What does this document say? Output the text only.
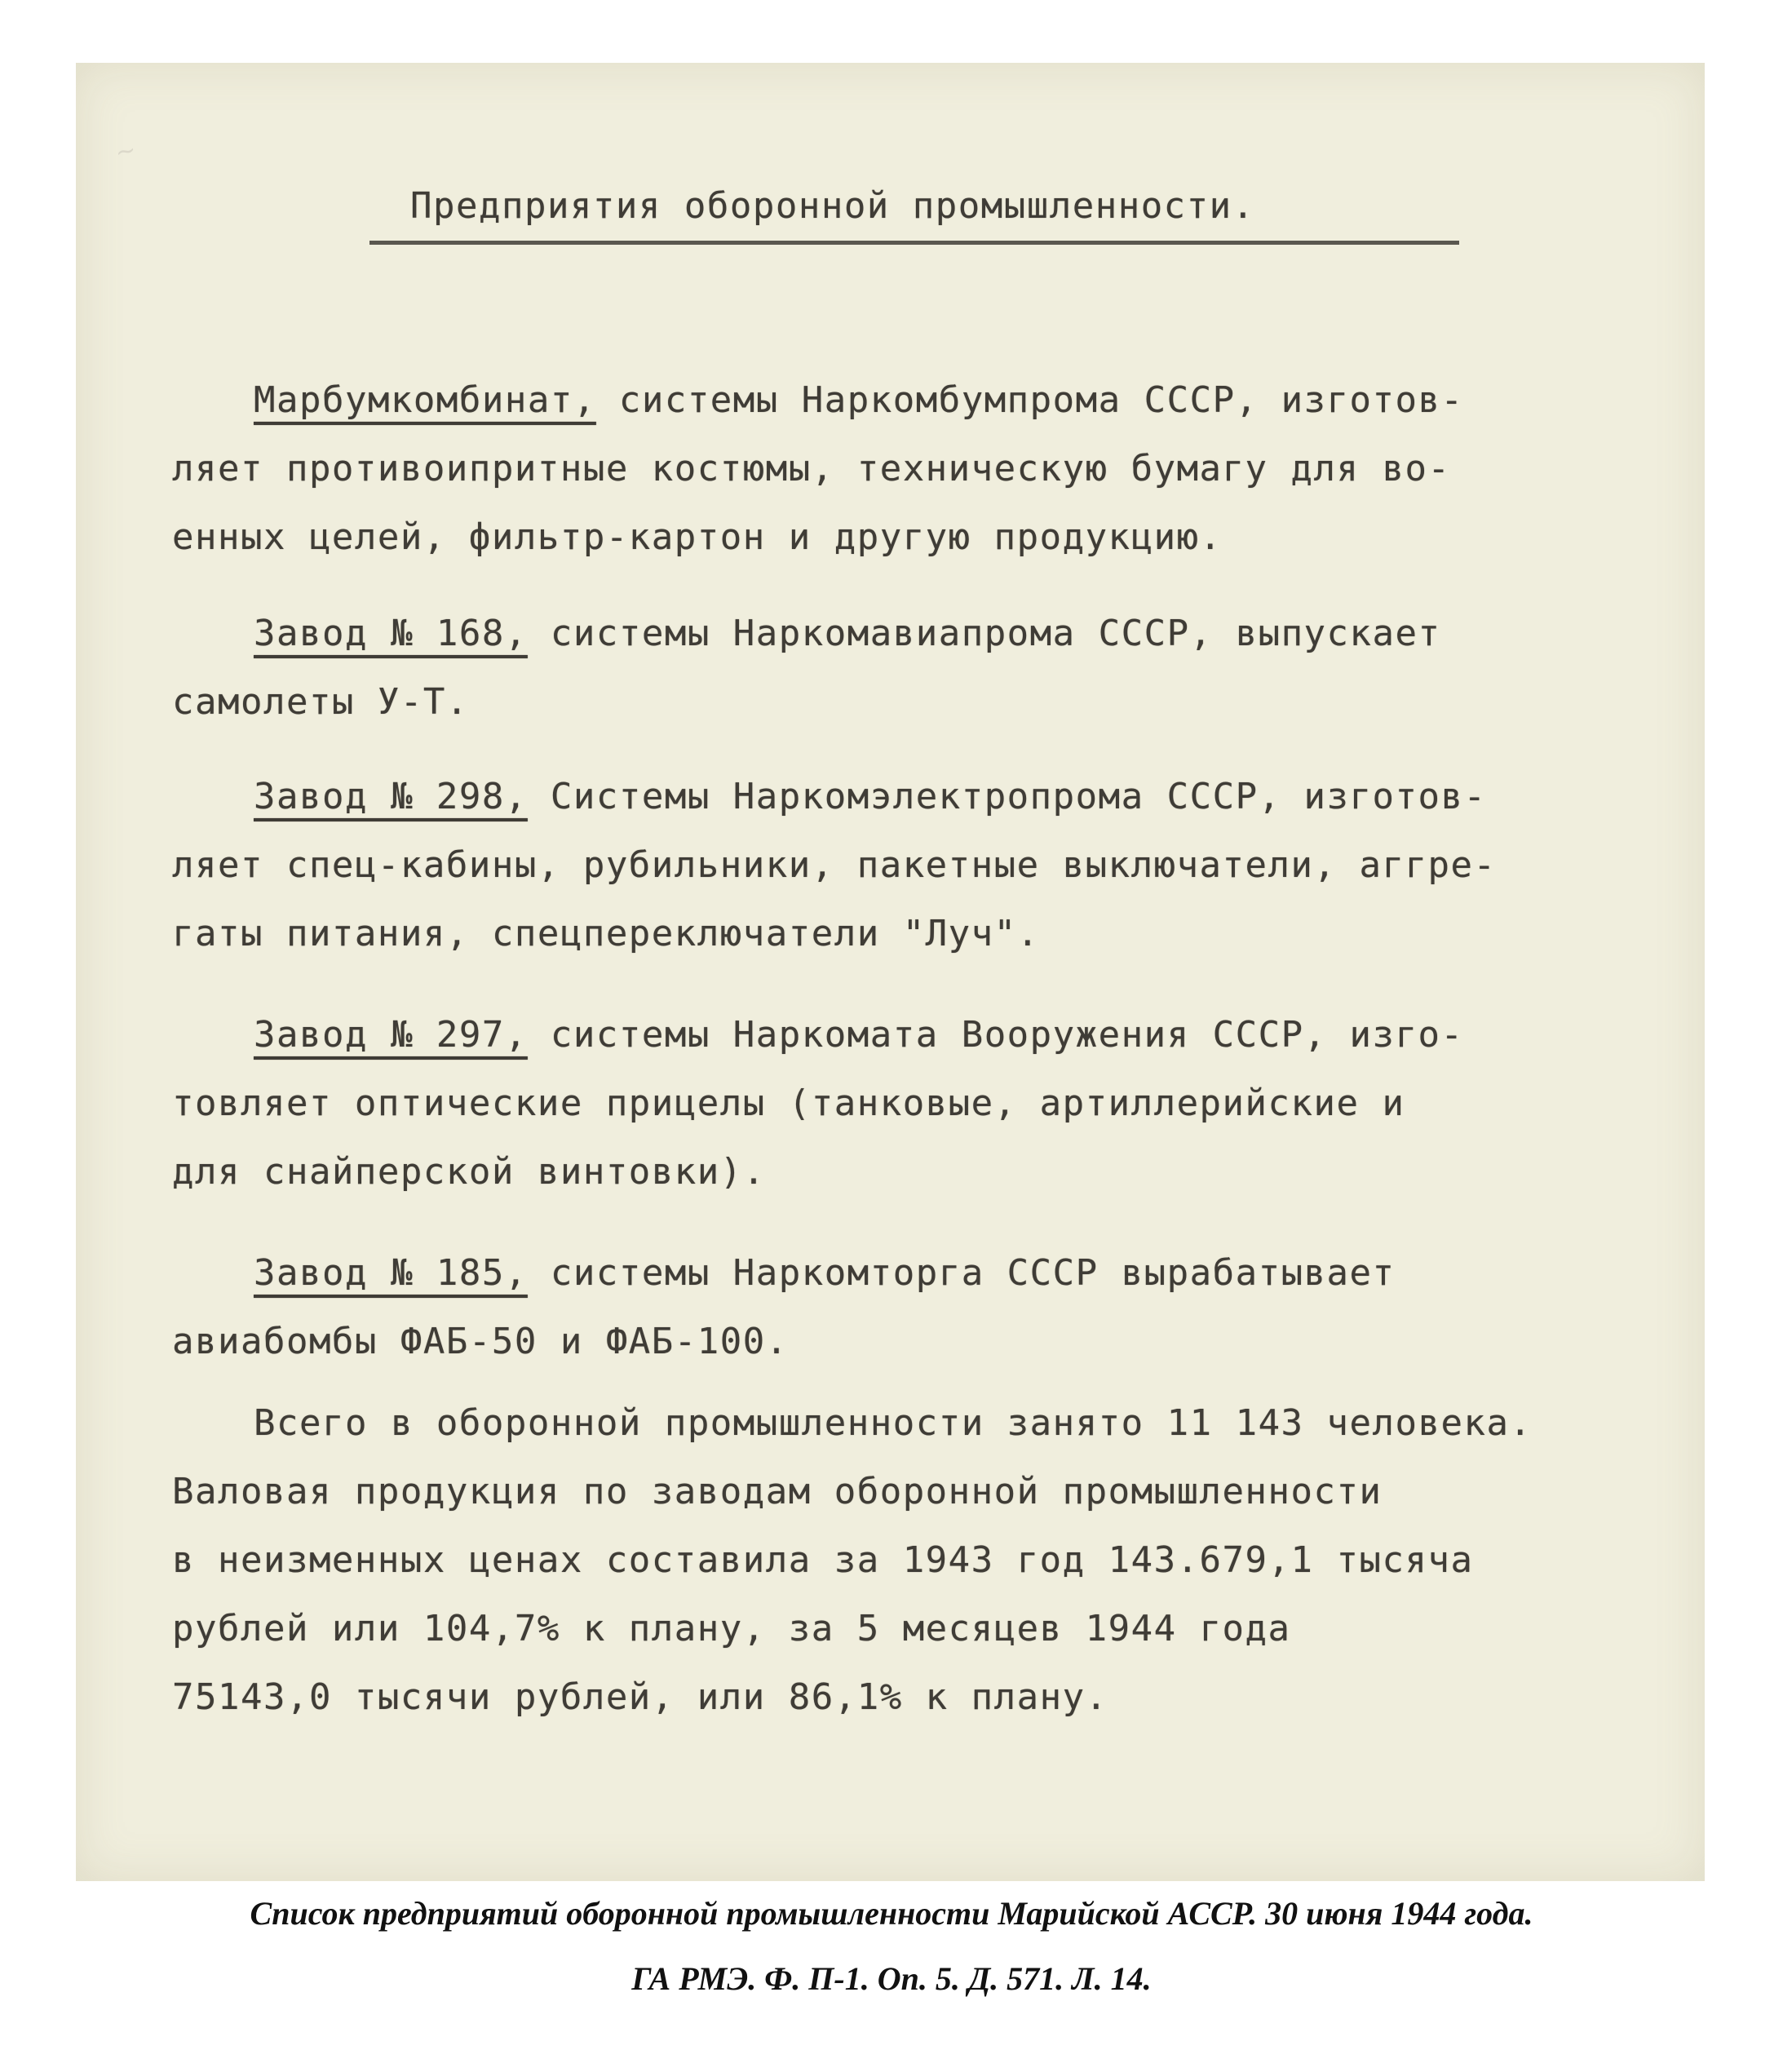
~
Предприятия оборонной промышленности.
Марбумкомбинат, системы Наркомбумпрома СССР, изготов-
ляет противоипритные костюмы, техническую бумагу для во-
енных целей, фильтр-картон и другую продукцию.
Завод № 168, системы Наркомавиапрома СССР, выпускает
самолеты У-Т.
Завод № 298, Системы Наркомэлектропрома СССР, изготов-
ляет спец-кабины, рубильники, пакетные выключатели, аггре-
гаты питания, спецпереключатели "Луч".
Завод № 297, системы Наркомата Вооружения СССР, изго-
товляет оптические прицелы (танковые, артиллерийские и
для снайперской винтовки).
Завод № 185, системы Наркомторга СССР вырабатывает
авиабомбы ФАБ-50 и ФАБ-100.
Всего в оборонной промышленности занято 11 143 человека.
Валовая продукция по заводам оборонной промышленности
в неизменных ценах составила за 1943 год 143.679,1 тысяча
рублей или 104,7% к плану, за 5 месяцев 1944 года
75143,0 тысячи рублей, или 86,1% к плану.
Список предприятий оборонной промышленности Марийской АССР. 30 июня 1944 года.
ГА РМЭ. Ф. П-1. Оп. 5. Д. 571. Л. 14.
